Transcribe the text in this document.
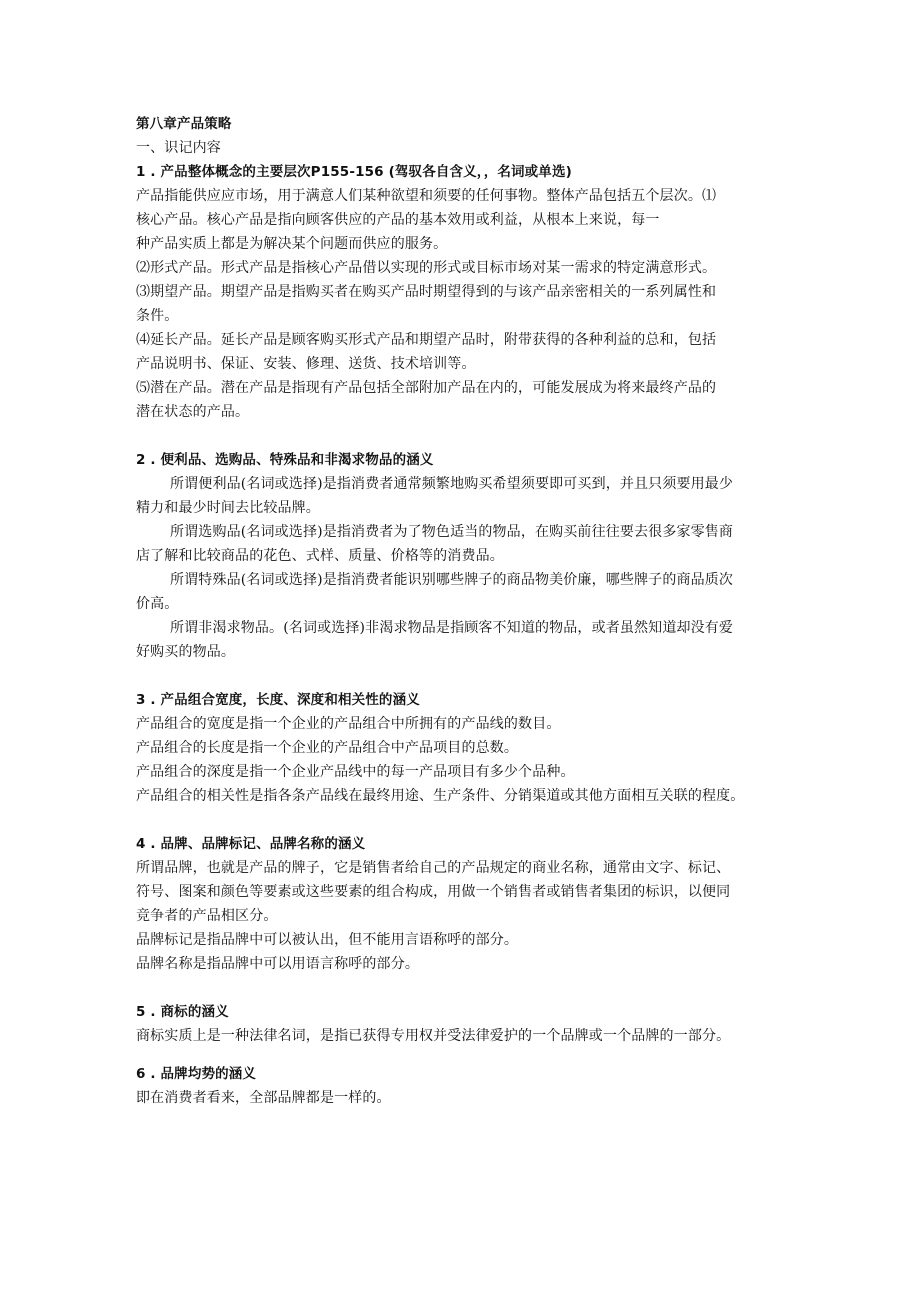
第八章产品策略
一、识记内容
1 . 产品整体概念的主要层次P155-156 (驾驭各自含义，，名词或单选)
产品指能供应应市场，用于满意人们某种欲望和须要的任何事物。整体产品包括五个层次。⑴
核心产品。核心产品是指向顾客供应的产品的基本效用或利益，从根本上来说，每一
种产品实质上都是为解决某个问题而供应的服务。
⑵形式产品。形式产品是指核心产品借以实现的形式或目标市场对某一需求的特定满意形式。
⑶期望产品。期望产品是指购买者在购买产品时期望得到的与该产品亲密相关的一系列属性和
条件。
⑷延长产品。延长产品是顾客购买形式产品和期望产品时，附带获得的各种利益的总和，包括
产品说明书、保证、安装、修理、送货、技术培训等。
⑸潜在产品。潜在产品是指现有产品包括全部附加产品在内的，可能发展成为将来最终产品的
潜在状态的产品。
2 . 便利品、选购品、特殊品和非渴求物品的涵义
所谓便利品(名词或选择)是指消费者通常频繁地购买希望须要即可买到，并且只须要用最少
精力和最少时间去比较品牌。
所谓选购品(名词或选择)是指消费者为了物色适当的物品，在购买前往往要去很多家零售商
店了解和比较商品的花色、式样、质量、价格等的消费品。
所谓特殊品(名词或选择)是指消费者能识别哪些牌子的商品物美价廉，哪些牌子的商品质次
价高。
所谓非渴求物品。(名词或选择)非渴求物品是指顾客不知道的物品，或者虽然知道却没有爱
好购买的物品。
3 . 产品组合宽度，长度、深度和相关性的涵义
产品组合的宽度是指一个企业的产品组合中所拥有的产品线的数目。
产品组合的长度是指一个企业的产品组合中产品项目的总数。
产品组合的深度是指一个企业产品线中的每一产品项目有多少个品种。
产品组合的相关性是指各条产品线在最终用途、生产条件、分销渠道或其他方面相互关联的程度。
4 . 品牌、品牌标记、品牌名称的涵义
所谓品牌，也就是产品的牌子，它是销售者给自己的产品规定的商业名称，通常由文字、标记、
符号、图案和颜色等要素或这些要素的组合构成，用做一个销售者或销售者集团的标识，以便同
竞争者的产品相区分。
品牌标记是指品牌中可以被认出，但不能用言语称呼的部分。
品牌名称是指品牌中可以用语言称呼的部分。
5 . 商标的涵义
商标实质上是一种法律名词，是指已获得专用权并受法律爱护的一个品牌或一个品牌的一部分。
6 . 品牌均势的涵义
即在消费者看来，全部品牌都是一样的。
